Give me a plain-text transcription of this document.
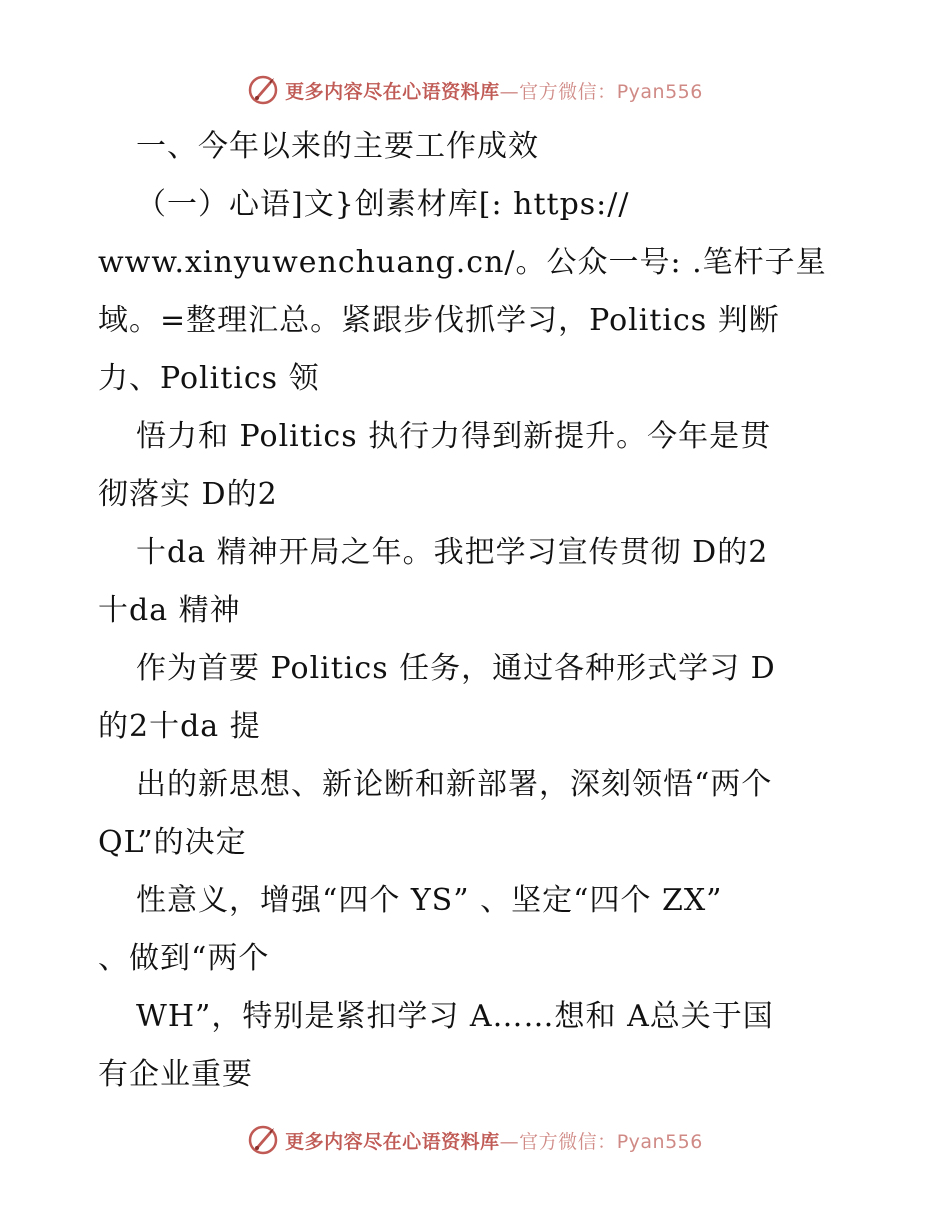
更多内容尽在心语资料库—官方微信：Pyan556
一、今年以来的主要工作成效
（一）心语]文}创素材库[: https://
www.xinyuwenchuang.cn/。公众一号: .笔杆子星
域。=整理汇总。紧跟步伐抓学习，Politics 判断
力、Politics 领
悟力和 Politics 执行力得到新提升。今年是贯
彻落实 D的2
十da 精神开局之年。我把学习宣传贯彻 D的2
十da 精神
作为首要 Politics 任务，通过各种形式学习 D
的2十da 提
出的新思想、新论断和新部署，深刻领悟“两个
QL”的决定
性意义，增强“四个 YS” 、坚定“四个 ZX”
、做到“两个
WH”，特别是紧扣学习 A……想和 A总关于国
有企业重要
更多内容尽在心语资料库—官方微信：Pyan556
